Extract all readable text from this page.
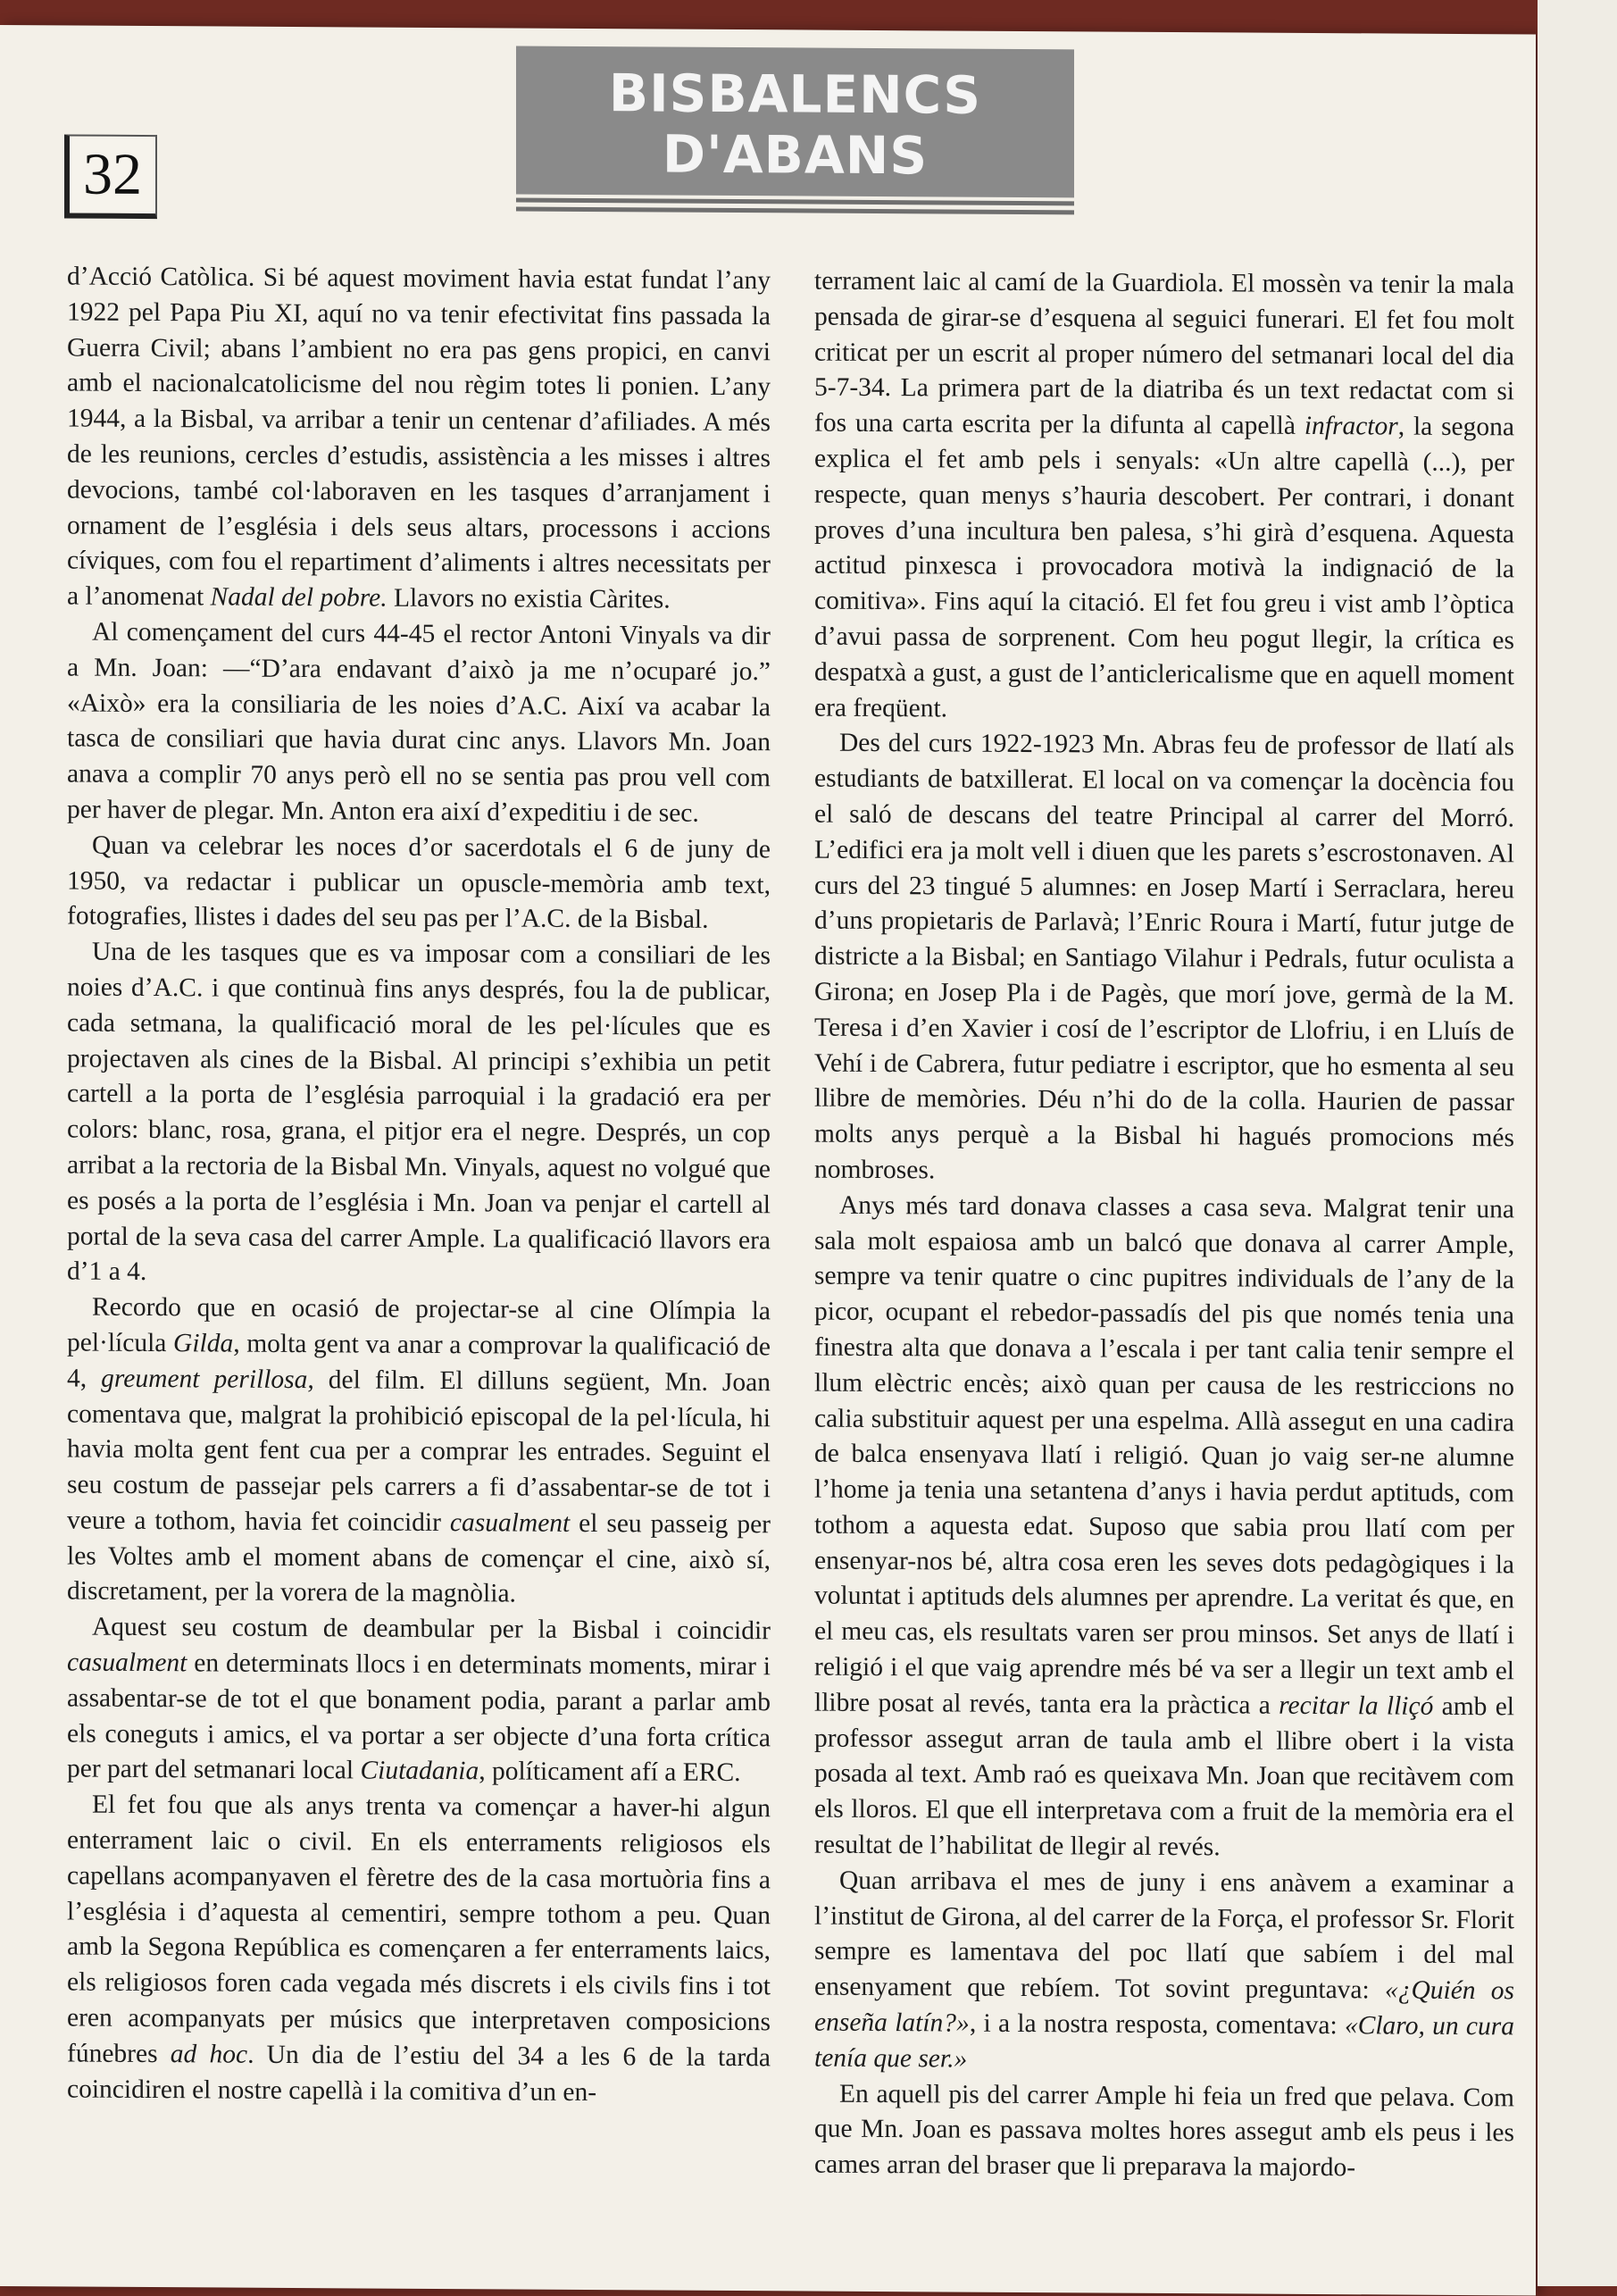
32
BISBALENCS
D'ABANS

d’Acció Catòlica. Si bé aquest moviment havia estat fundat l’any 1922 pel Papa Piu XI, aquí no va tenir efectivitat fins passada la Guerra Civil; abans l’ambient no era pas gens propici, en canvi amb el nacionalcatolicisme del nou règim totes li ponien. L’any 1944, a la Bisbal, va arribar a tenir un centenar d’afiliades. A més de les reunions, cercles d’estudis, assistència a les misses i altres devocions, també col·laboraven en les tasques d’arranjament i ornament de l’església i dels seus altars, processons i accions cíviques, com fou el repartiment d’aliments i altres necessitats per a l’anomenat Nadal del pobre. Llavors no existia Càrites.

Al començament del curs 44-45 el rector Antoni Vinyals va dir a Mn. Joan: —“D’ara endavant d’això ja me n’ocuparé jo.” «Això» era la consiliaria de les noies d’A.C. Així va acabar la tasca de consiliari que havia durat cinc anys. Llavors Mn. Joan anava a complir 70 anys però ell no se sentia pas prou vell com per haver de plegar. Mn. Anton era així d’expeditiu i de sec.

Quan va celebrar les noces d’or sacerdotals el 6 de juny de 1950, va redactar i publicar un opuscle-memòria amb text, fotografies, llistes i dades del seu pas per l’A.C. de la Bisbal.

Una de les tasques que es va imposar com a consiliari de les noies d’A.C. i que continuà fins anys després, fou la de publicar, cada setmana, la qualificació moral de les pel·lícules que es projectaven als cines de la Bisbal. Al principi s’exhibia un petit cartell a la porta de l’església parroquial i la gradació era per colors: blanc, rosa, grana, el pitjor era el negre. Després, un cop arribat a la rectoria de la Bisbal Mn. Vinyals, aquest no volgué que es posés a la porta de l’església i Mn. Joan va penjar el cartell al portal de la seva casa del carrer Ample. La qualificació llavors era d’1 a 4.

Recordo que en ocasió de projectar-se al cine Olímpia la pel·lícula Gilda, molta gent va anar a comprovar la qualificació de 4, greument perillosa, del film. El dilluns següent, Mn. Joan comentava que, malgrat la prohibició episcopal de la pel·lícula, hi havia molta gent fent cua per a comprar les entrades. Seguint el seu costum de passejar pels carrers a fi d’assabentar-se de tot i veure a tothom, havia fet coincidir casualment el seu passeig per les Voltes amb el moment abans de començar el cine, això sí, discretament, per la vorera de la magnòlia.

Aquest seu costum de deambular per la Bisbal i coincidir casualment en determinats llocs i en determinats moments, mirar i assabentar-se de tot el que bonament podia, parant a parlar amb els coneguts i amics, el va portar a ser objecte d’una forta crítica per part del setmanari local Ciutadania, políticament afí a ERC.

El fet fou que als anys trenta va començar a haver-hi algun enterrament laic o civil. En els enterraments religiosos els capellans acompanyaven el fèretre des de la casa mortuòria fins a l’església i d’aquesta al cementiri, sempre tothom a peu. Quan amb la Segona República es començaren a fer enterraments laics, els religiosos foren cada vegada més discrets i els civils fins i tot eren acompanyats per músics que interpretaven composicions fúnebres ad hoc. Un dia de l’estiu del 34 a les 6 de la tarda coincidiren el nostre capellà i la comitiva d’un en-

terrament laic al camí de la Guardiola. El mossèn va tenir la mala pensada de girar-se d’esquena al seguici funerari. El fet fou molt criticat per un escrit al proper número del setmanari local del dia 5-7-34. La primera part de la diatriba és un text redactat com si fos una carta escrita per la difunta al capellà infractor, la segona explica el fet amb pels i senyals: «Un altre capellà (...), per respecte, quan menys s’hauria descobert. Per contrari, i donant proves d’una incultura ben palesa, s’hi girà d’esquena. Aquesta actitud pinxesca i provocadora motivà la indignació de la comitiva». Fins aquí la citació. El fet fou greu i vist amb l’òptica d’avui passa de sorprenent. Com heu pogut llegir, la crítica es despatxà a gust, a gust de l’anticlericalisme que en aquell moment era freqüent.

Des del curs 1922-1923 Mn. Abras feu de professor de llatí als estudiants de batxillerat. El local on va començar la docència fou el saló de descans del teatre Principal al carrer del Morró. L’edifici era ja molt vell i diuen que les parets s’escrostonaven. Al curs del 23 tingué 5 alumnes: en Josep Martí i Serraclara, hereu d’uns propietaris de Parlavà; l’Enric Roura i Martí, futur jutge de districte a la Bisbal; en Santiago Vilahur i Pedrals, futur oculista a Girona; en Josep Pla i de Pagès, que morí jove, germà de la M. Teresa i d’en Xavier i cosí de l’escriptor de Llofriu, i en Lluís de Vehí i de Cabrera, futur pediatre i escriptor, que ho esmenta al seu llibre de memòries. Déu n’hi do de la colla. Haurien de passar molts anys perquè a la Bisbal hi hagués promocions més nombroses.

Anys més tard donava classes a casa seva. Malgrat tenir una sala molt espaiosa amb un balcó que donava al carrer Ample, sempre va tenir quatre o cinc pupitres individuals de l’any de la picor, ocupant el rebedor-passadís del pis que només tenia una finestra alta que donava a l’escala i per tant calia tenir sempre el llum elèctric encès; això quan per causa de les restriccions no calia substituir aquest per una espelma. Allà assegut en una cadira de balca ensenyava llatí i religió. Quan jo vaig ser-ne alumne l’home ja tenia una setantena d’anys i havia perdut aptituds, com tothom a aquesta edat. Suposo que sabia prou llatí com per ensenyar-nos bé, altra cosa eren les seves dots pedagògiques i la voluntat i aptituds dels alumnes per aprendre. La veritat és que, en el meu cas, els resultats varen ser prou minsos. Set anys de llatí i religió i el que vaig aprendre més bé va ser a llegir un text amb el llibre posat al revés, tanta era la pràctica a recitar la lliçó amb el professor assegut arran de taula amb el llibre obert i la vista posada al text. Amb raó es queixava Mn. Joan que recitàvem com els lloros. El que ell interpretava com a fruit de la memòria era el resultat de l’habilitat de llegir al revés.

Quan arribava el mes de juny i ens anàvem a examinar a l’institut de Girona, al del carrer de la Força, el professor Sr. Florit sempre es lamentava del poc llatí que sabíem i del mal ensenyament que rebíem. Tot sovint preguntava: «¿Quién os enseña latín?», i a la nostra resposta, comentava: «Claro, un cura tenía que ser.»

En aquell pis del carrer Ample hi feia un fred que pelava. Com que Mn. Joan es passava moltes hores assegut amb els peus i les cames arran del braser que li preparava la majordo-
